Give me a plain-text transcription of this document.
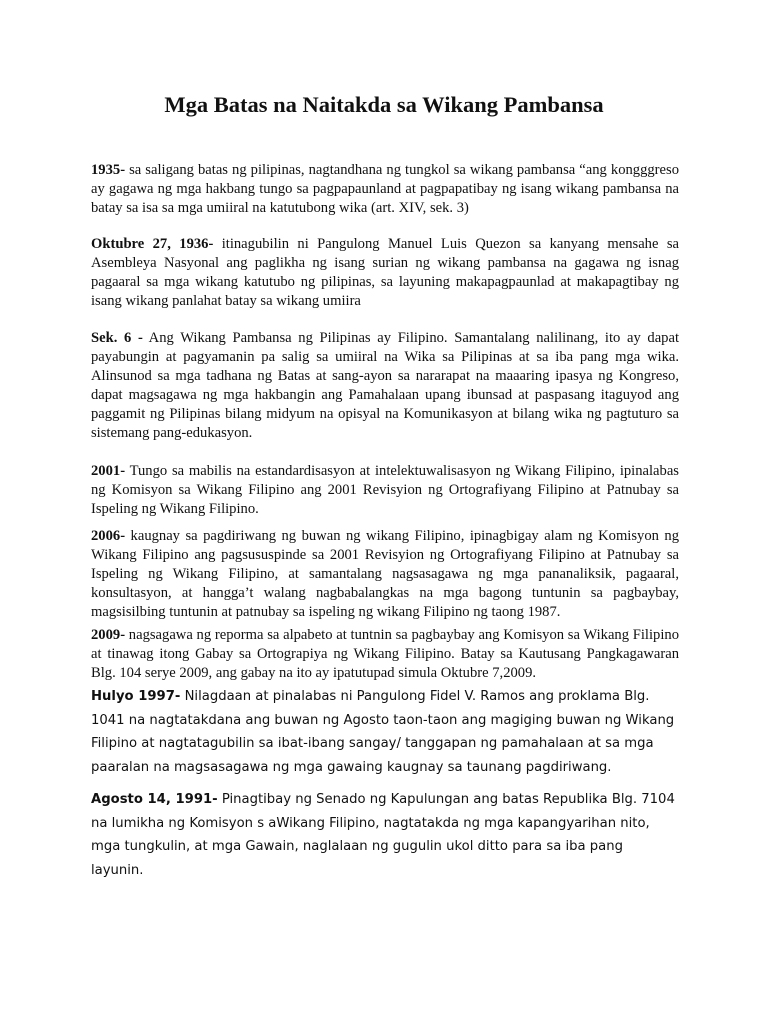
Mga Batas na Naitakda sa Wikang Pambansa

1935- sa saligang batas ng pilipinas, nagtandhana ng tungkol sa wikang pambansa “ang kongggreso ay gagawa ng mga hakbang tungo sa pagpapaunland at pagpapatibay ng isang wikang pambansa na batay sa isa sa mga umiiral na katutubong wika (art. XIV, sek. 3)

Oktubre 27, 1936- itinagubilin ni Pangulong Manuel Luis Quezon sa kanyang mensahe sa Asembleya Nasyonal ang paglikha ng isang surian ng wikang pambansa na gagawa ng isnag pagaaral sa mga wikang katutubo ng pilipinas, sa layuning makapagpaunlad at makapagtibay ng isang wikang panlahat batay sa wikang umiira

Sek. 6 - Ang Wikang Pambansa ng Pilipinas ay Filipino. Samantalang nalilinang, ito ay dapat payabungin at pagyamanin pa salig sa umiiral na Wika sa Pilipinas at sa iba pang mga wika. Alinsunod sa mga tadhana ng Batas at sang-ayon sa nararapat na maaaring ipasya ng Kongreso, dapat magsagawa ng mga hakbangin ang Pamahalaan upang ibunsad at paspasang itaguyod ang paggamit ng Pilipinas bilang midyum na opisyal na Komunikasyon at bilang wika ng pagtuturo sa sistemang pang-edukasyon.

2001- Tungo sa mabilis na estandardisasyon at intelektuwalisasyon ng Wikang Filipino, ipinalabas ng Komisyon sa Wikang Filipino ang 2001 Revisyion ng Ortografiyang Filipino at Patnubay sa Ispeling ng Wikang Filipino.

2006- kaugnay sa pagdiriwang ng buwan ng wikang Filipino, ipinagbigay alam ng Komisyon ng Wikang Filipino ang pagsususpinde sa 2001 Revisyion ng Ortografiyang Filipino at Patnubay sa Ispeling ng Wikang Filipino, at samantalang nagsasagawa ng mga pananaliksik, pagaaral, konsultasyon, at hangga’t walang nagbabalangkas na mga bagong tuntunin sa pagbaybay, magsisilbing tuntunin at patnubay sa ispeling ng wikang Filipino ng taong 1987.

2009- nagsagawa ng reporma sa alpabeto at tuntnin sa pagbaybay ang Komisyon sa Wikang Filipino at tinawag itong Gabay sa Ortograpiya ng Wikang Filipino. Batay sa Kautusang Pangkagawaran Blg. 104 serye 2009, ang gabay na ito ay ipatutupad simula Oktubre 7,2009.

Hulyo 1997- Nilagdaan at pinalabas ni Pangulong Fidel V. Ramos ang proklama Blg. 1041 na nagtatakdana ang buwan ng Agosto taon-taon ang magiging buwan ng Wikang Filipino at nagtatagubilin sa ibat-ibang sangay/ tanggapan ng pamahalaan at sa mga paaralan na magsasagawa ng mga gawaing kaugnay sa taunang pagdiriwang.

Agosto 14, 1991- Pinagtibay ng Senado ng Kapulungan ang batas Republika Blg. 7104 na lumikha ng Komisyon s aWikang Filipino, nagtatakda ng mga kapangyarihan nito, mga tungkulin, at mga Gawain, naglalaan ng gugulin ukol ditto para sa iba pang layunin.
